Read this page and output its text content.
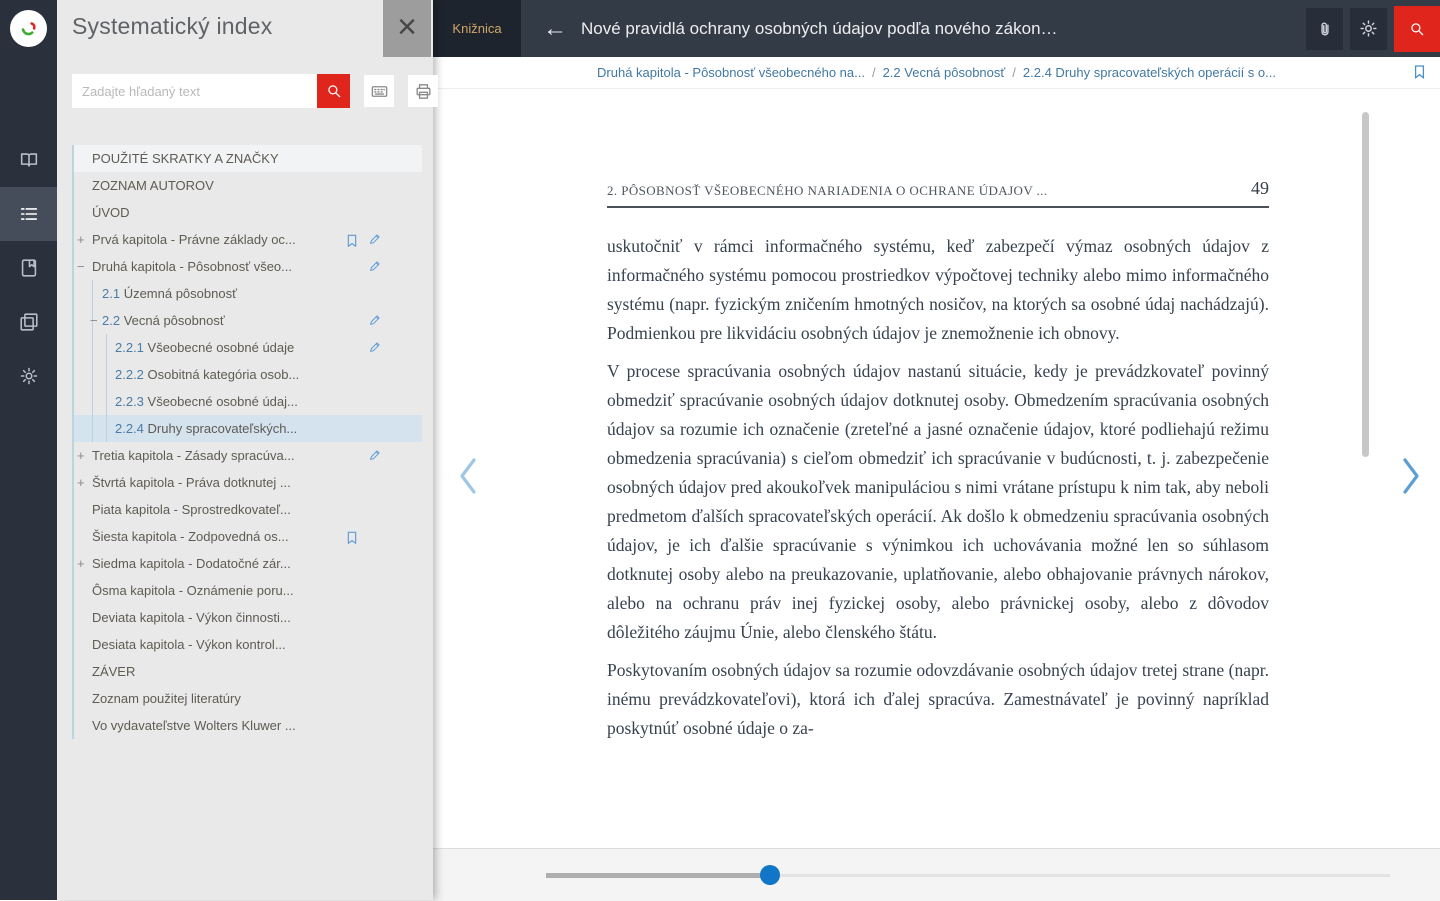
Systematický index	×
Zadajte hľadaný text
POUŽITÉ SKRATKY A ZNAČKY
ZOZNAM AUTOROV
ÚVOD
+ Prvá kapitola - Právne základy oc...
− Druhá kapitola - Pôsobnosť všeo...
2.1 Územná pôsobnosť
− 2.2 Vecná pôsobnosť
2.2.1 Všeobecné osobné údaje
2.2.2 Osobitná kategória osob...
2.2.3 Všeobecné osobné údaj...
2.2.4 Druhy spracovateľských...
+ Tretia kapitola - Zásady spracúva...
+ Štvrtá kapitola - Práva dotknutej ...
Piata kapitola - Sprostredkovateľ...
Šiesta kapitola - Zodpovedná os...
+ Siedma kapitola - Dodatočné zár...
Ôsma kapitola - Oznámenie poru...
Deviata kapitola - Výkon činnosti...
Desiata kapitola - Výkon kontrol...
ZÁVER
Zoznam použitej literatúry
Vo vydavateľstve Wolters Kluwer ...
Knižnica	← Nové pravidlá ochrany osobných údajov podľa nového zákon…
Druhá kapitola - Pôsobnosť všeobecného na... / 2.2 Vecná pôsobnosť / 2.2.4 Druhy spracovateľských operácií s o...
2. PÔSOBNOSŤ VŠEOBECNÉHO NARIADENIA O OCHRANE ÚDAJOV ...	49

uskutočniť v rámci informačného systému, keď zabezpečí výmaz osobných údajov z informačného systému pomocou prostriedkov výpočtovej techniky alebo mimo informačného systému (napr. fyzickým zničením hmotných nosičov, na ktorých sa osobné údaj nachádzajú). Podmienkou pre likvidáciu osobných údajov je znemožnenie ich obnovy.

V procese spracúvania osobných údajov nastanú situácie, kedy je prevádzkovateľ povinný obmedziť spracúvanie osobných údajov dotknutej osoby. Obmedzením spracúvania osobných údajov sa rozumie ich označenie (zreteľné a jasné označenie údajov, ktoré podliehajú režimu obmedzenia spracúvania) s cieľom obmedziť ich spracúvanie v budúcnosti, t. j. zabezpečenie osobných údajov pred akoukoľvek manipuláciou s nimi vrátane prístupu k nim tak, aby neboli predmetom ďalších spracovateľských operácií. Ak došlo k obmedzeniu spracúvania osobných údajov, je ich ďalšie spracúvanie s výnimkou ich uchovávania možné len so súhlasom dotknutej osoby alebo na preukazovanie, uplatňovanie, alebo obhajovanie právnych nárokov, alebo na ochranu práv inej fyzickej osoby, alebo právnickej osoby, alebo z dôvodov dôležitého záujmu Únie, alebo členského štátu.

Poskytovaním osobných údajov sa rozumie odovzdávanie osobných údajov tretej strane (napr. inému prevádzkovateľovi), ktorá ich ďalej spracúva. Zamestnávateľ je povinný napríklad poskytnúť osobné údaje o za-
